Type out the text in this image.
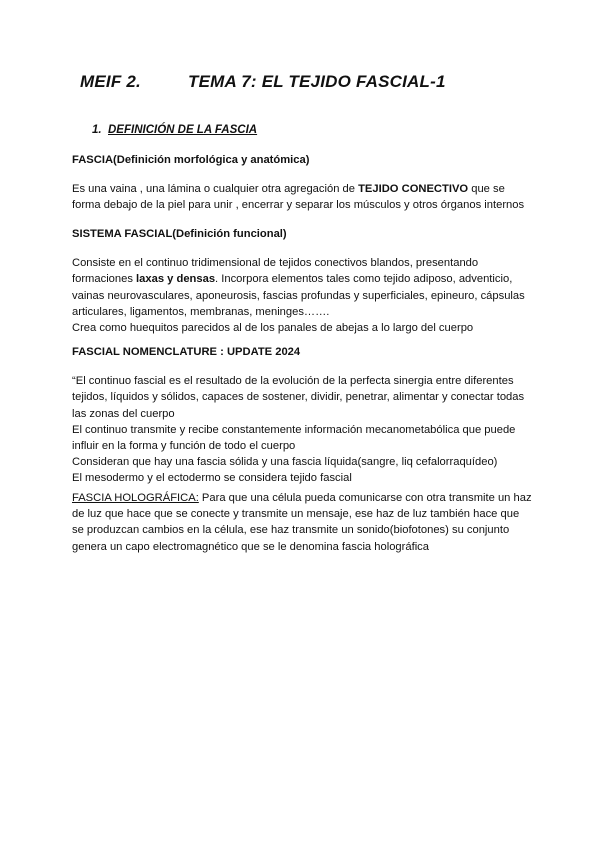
MEIF 2.	TEMA 7: EL TEJIDO FASCIAL-1
1. DEFINICIÓN DE LA FASCIA

FASCIA(Definición morfológica y anatómica)

Es una vaina , una lámina o cualquier otra agregación de TEJIDO CONECTIVO que se forma debajo de la piel para unir , encerrar y separar los músculos y otros órganos internos

SISTEMA FASCIAL(Definición funcional)

Consiste en el continuo tridimensional de tejidos conectivos blandos, presentando formaciones laxas y densas. Incorpora elementos tales como tejido adiposo, adventicio, vainas neurovasculares, aponeurosis, fascias profundas y superficiales, epineuro, cápsulas articulares, ligamentos, membranas, meninges…….

Crea como huequitos parecidos al de los panales de abejas a lo largo del cuerpo

FASCIAL NOMENCLATURE : UPDATE 2024

“El continuo fascial es el resultado de la evolución de la perfecta sinergia entre diferentes tejidos, líquidos y sólidos, capaces de sostener, dividir, penetrar, alimentar y conectar todas las zonas del cuerpo

El continuo transmite y recibe constantemente información mecanometabólica que puede influir en la forma y función de todo el cuerpo

Consideran que hay una fascia sólida y una fascia líquida(sangre, liq cefalorraquídeo)

El mesodermo y el ectodermo se considera tejido fascial

FASCIA HOLOGRÁFICA: Para que una célula pueda comunicarse con otra transmite un haz de luz que hace que se conecte y transmite un mensaje, ese haz de luz también hace que se produzcan cambios en la célula, ese haz transmite un sonido(biofotones) su conjunto genera un capo electromagnético que se le denomina fascia holográfica
